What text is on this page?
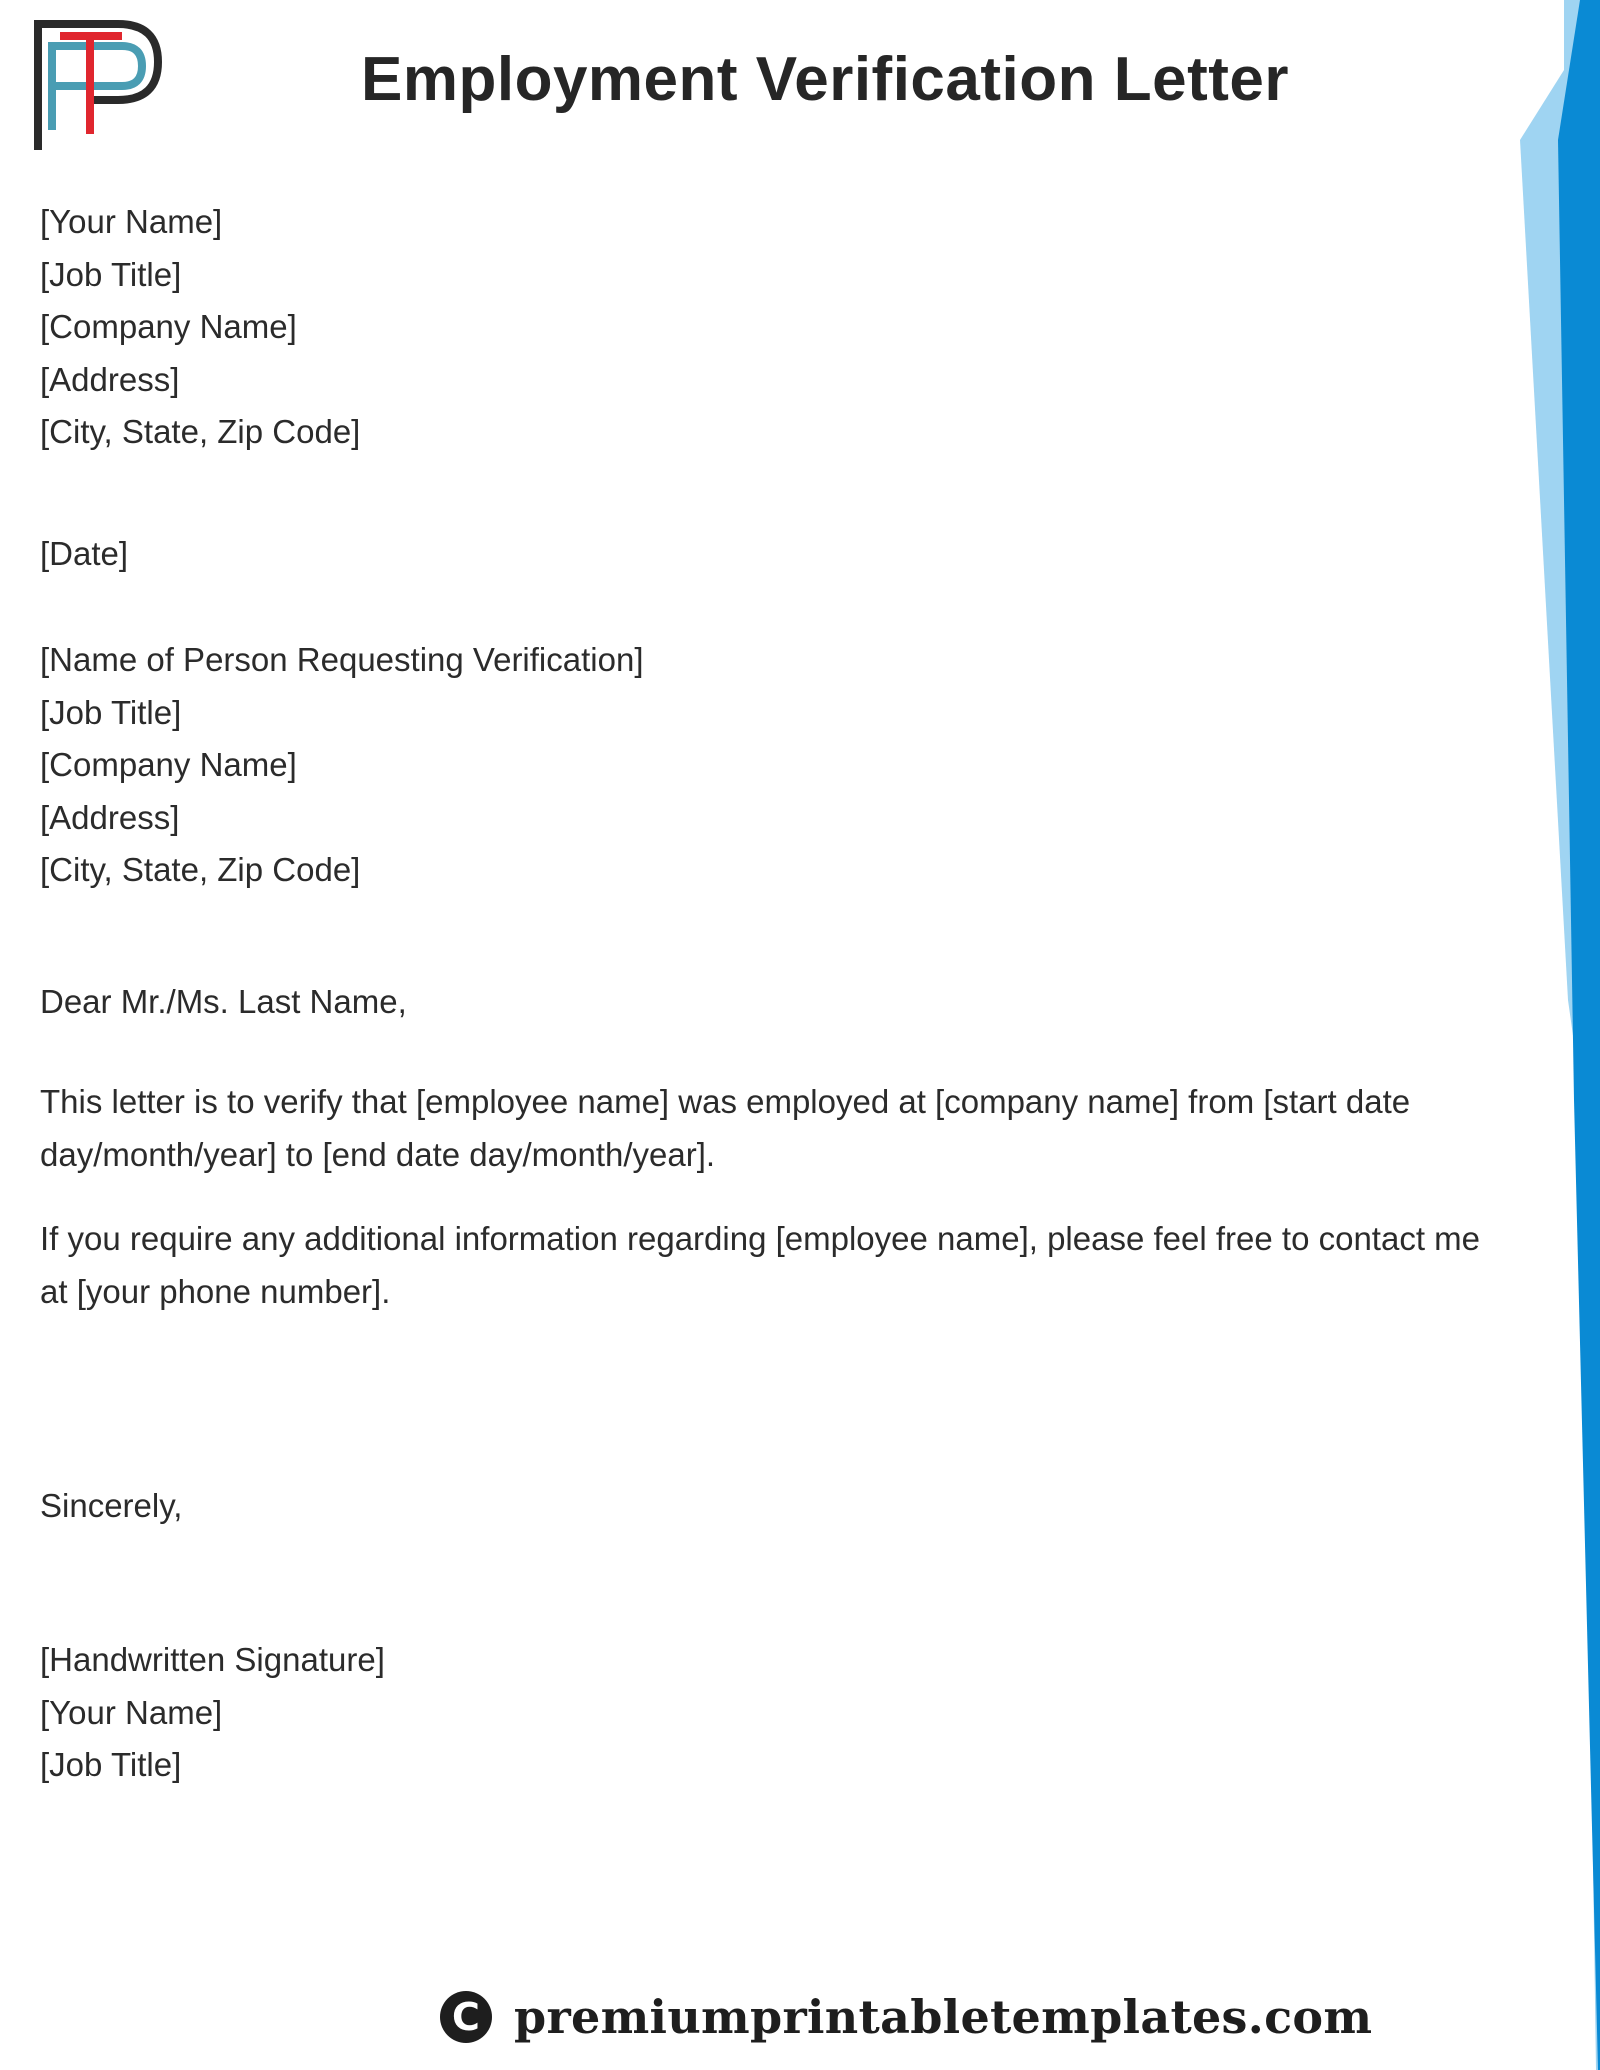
Employment Verification Letter
[Your Name]
[Job Title]
[Company Name]
[Address]
[City, State, Zip Code]
[Date]
[Name of Person Requesting Verification]
[Job Title]
[Company Name]
[Address]
[City, State, Zip Code]
Dear Mr./Ms. Last Name,
This letter is to verify that [employee name] was employed at [company name] from [start date
day/month/year] to [end date day/month/year].
If you require any additional information regarding [employee name], please feel free to contact me
at [your phone number].
Sincerely,
[Handwritten Signature]
[Your Name]
[Job Title]
C premiumprintabletemplates.com
